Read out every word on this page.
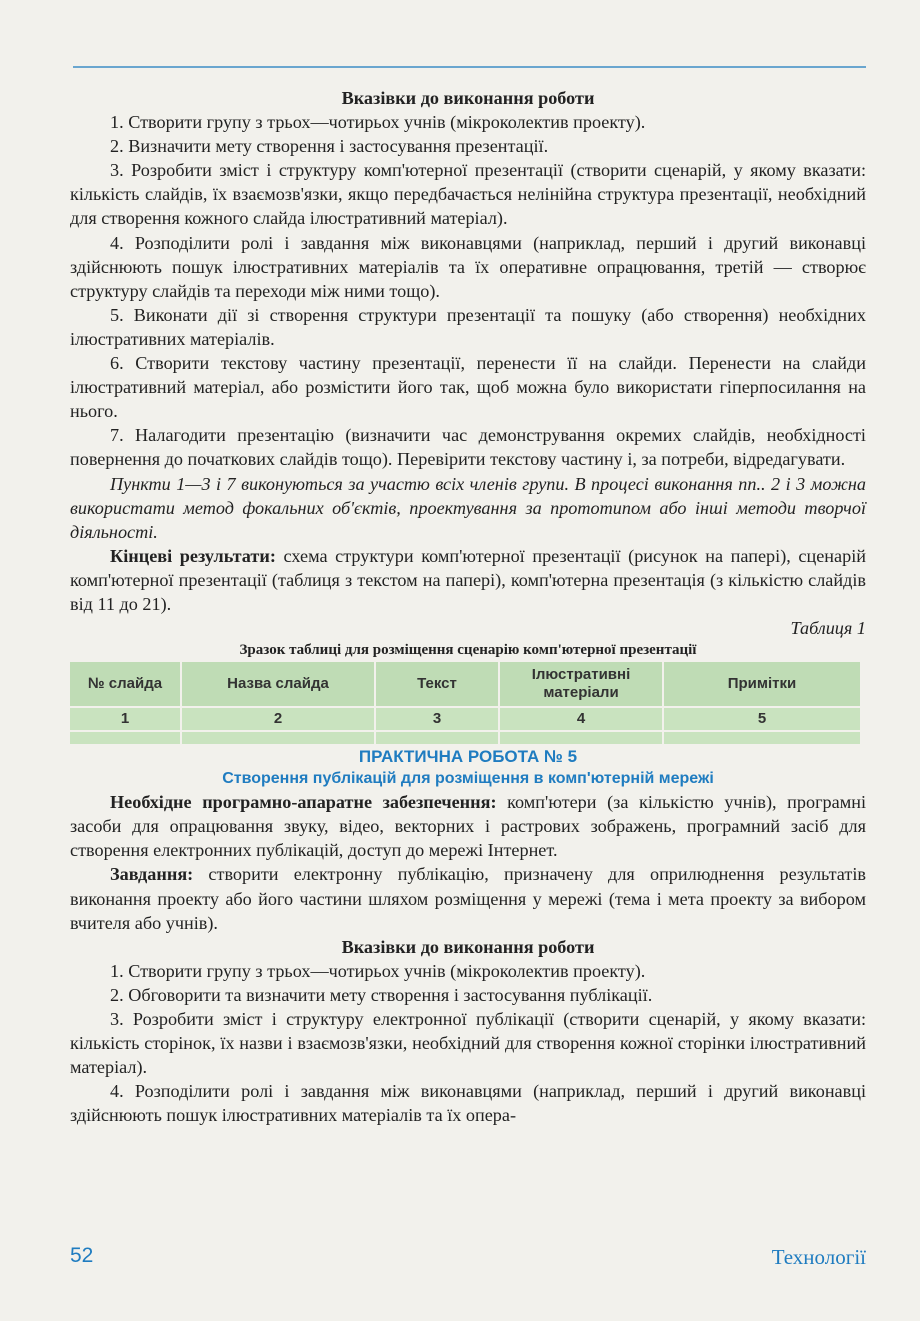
Вказівки до виконання роботи

1. Створити групу з трьох—чотирьох учнів (мікроколектив проекту).

2. Визначити мету створення і застосування презентації.

3. Розробити зміст і структуру комп'ютерної презентації (створити сценарій, у якому вказати: кількість слайдів, їх взаємозв'язки, якщо передбачається нелінійна структура презентації, необхідний для створення кожного слайда ілюстративний матеріал).

4. Розподілити ролі і завдання між виконавцями (наприклад, перший і другий виконавці здійснюють пошук ілюстративних матеріалів та їх оперативне опрацювання, третій — створює структуру слайдів та переходи між ними тощо).

5. Виконати дії зі створення структури презентації та пошуку (або створення) необхідних ілюстративних матеріалів.

6. Створити текстову частину презентації, перенести її на слайди. Перенести на слайди ілюстративний матеріал, або розмістити його так, щоб можна було використати гіперпосилання на нього.

7. Налагодити презентацію (визначити час демонстрування окремих слайдів, необхідності повернення до початкових слайдів тощо). Перевірити текстову частину і, за потреби, відредагувати.

Пункти 1—3 і 7 виконуються за участю всіх членів групи. В процесі виконання пп.. 2 і 3 можна використати метод фокальних об'єктів, проектування за прототипом або інші методи творчої діяльності.

Кінцеві результати: схема структури комп'ютерної презентації (рисунок на папері), сценарій комп'ютерної презентації (таблиця з текстом на папері), комп'ютерна презентація (з кількістю слайдів від 11 до 21).

Таблиця 1

Зразок таблиці для розміщення сценарію комп'ютерної презентації

№ слайда	Назва слайда	Текст	Ілюстративні матеріали	Примітки
1	2	3	4	5

ПРАКТИЧНА РОБОТА № 5

Створення публікацій для розміщення в комп'ютерній мережі

Необхідне програмно-апаратне забезпечення: комп'ютери (за кількістю учнів), програмні засоби для опрацювання звуку, відео, векторних і растрових зображень, програмний засіб для створення електронних публікацій, доступ до мережі Інтернет.

Завдання: створити електронну публікацію, призначену для оприлюднення результатів виконання проекту або його частини шляхом розміщення у мережі (тема і мета проекту за вибором вчителя або учнів).

Вказівки до виконання роботи

1. Створити групу з трьох—чотирьох учнів (мікроколектив проекту).

2. Обговорити та визначити мету створення і застосування публікації.

3. Розробити зміст і структуру електронної публікації (створити сценарій, у якому вказати: кількість сторінок, їх назви і взаємозв'язки, необхідний для створення кожної сторінки ілюстративний матеріал).

4. Розподілити ролі і завдання між виконавцями (наприклад, перший і другий виконавці здійснюють пошук ілюстративних матеріалів та їх опера-

52	Технології
